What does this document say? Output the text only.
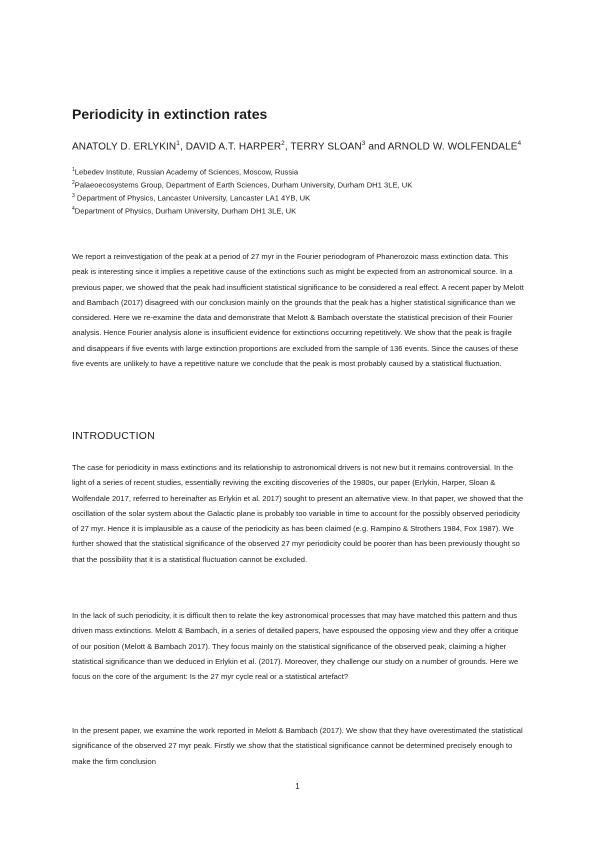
Periodicity in extinction rates
ANATOLY D. ERLYKIN$^1$, DAVID A.T. HARPER$^2$, TERRY SLOAN$^3$ and ARNOLD W. WOLFENDALE$^4$
$^1$Lebedev Institute, Russian Academy of Sciences, Moscow, Russia
$^2$Palaeoecosystems Group, Department of Earth Sciences, Durham University, Durham DH1 3LE, UK
$^3$ Department of Physics, Lancaster University, Lancaster LA1 4YB, UK
$^4$Department of Physics, Durham University, Durham DH1 3LE, UK

We report a reinvestigation of the peak at a period of 27 myr in the Fourier periodogram of Phanerozoic mass extinction data. This peak is interesting since it implies a repetitive cause of the extinctions such as might be expected from an astronomical source. In a previous paper, we showed that the peak had insufficient statistical significance to be considered a real effect. A recent paper by Melott and Bambach (2017) disagreed with our conclusion mainly on the grounds that the peak has a higher statistical significance than we considered. Here we re-examine the data and demonstrate that Melott & Bambach overstate the statistical precision of their Fourier analysis. Hence Fourier analysis alone is insufficient evidence for extinctions occurring repetitively. We show that the peak is fragile and disappears if five events with large extinction proportions are excluded from the sample of 136 events. Since the causes of these five events are unlikely to have a repetitive nature we conclude that the peak is most probably caused by a statistical fluctuation.

INTRODUCTION

The case for periodicity in mass extinctions and its relationship to astronomical drivers is not new but it remains controversial. In the light of a series of recent studies, essentially reviving the exciting discoveries of the 1980s, our paper (Erlykin, Harper, Sloan & Wolfendale 2017, referred to hereinafter as Erlykin et al. 2017) sought to present an alternative view. In that paper, we showed that the oscillation of the solar system about the Galactic plane is probably too variable in time to account for the possibly observed periodicity of 27 myr. Hence it is implausible as a cause of the periodicity as has been claimed (e.g. Rampino & Strothers 1984, Fox 1987). We further showed that the statistical significance of the observed 27 myr periodicity could be poorer than has been previously thought so that the possibility that it is a statistical fluctuation cannot be excluded.

In the lack of such periodicity, it is difficult then to relate the key astronomical processes that may have matched this pattern and thus driven mass extinctions. Melott & Bambach, in a series of detailed papers, have espoused the opposing view and they offer a critique of our position (Melott & Bambach 2017). They focus mainly on the statistical significance of the observed peak, claiming a higher statistical significance than we deduced in Erlykin et al. (2017). Moreover, they challenge our study on a number of grounds. Here we focus on the core of the argument: Is the 27 myr cycle real or a statistical artefact?

In the present paper, we examine the work reported in Melott & Bambach (2017). We show that they have overestimated the statistical significance of the observed 27 myr peak. Firstly we show that the statistical significance cannot be determined precisely enough to make the firm conclusion

1
